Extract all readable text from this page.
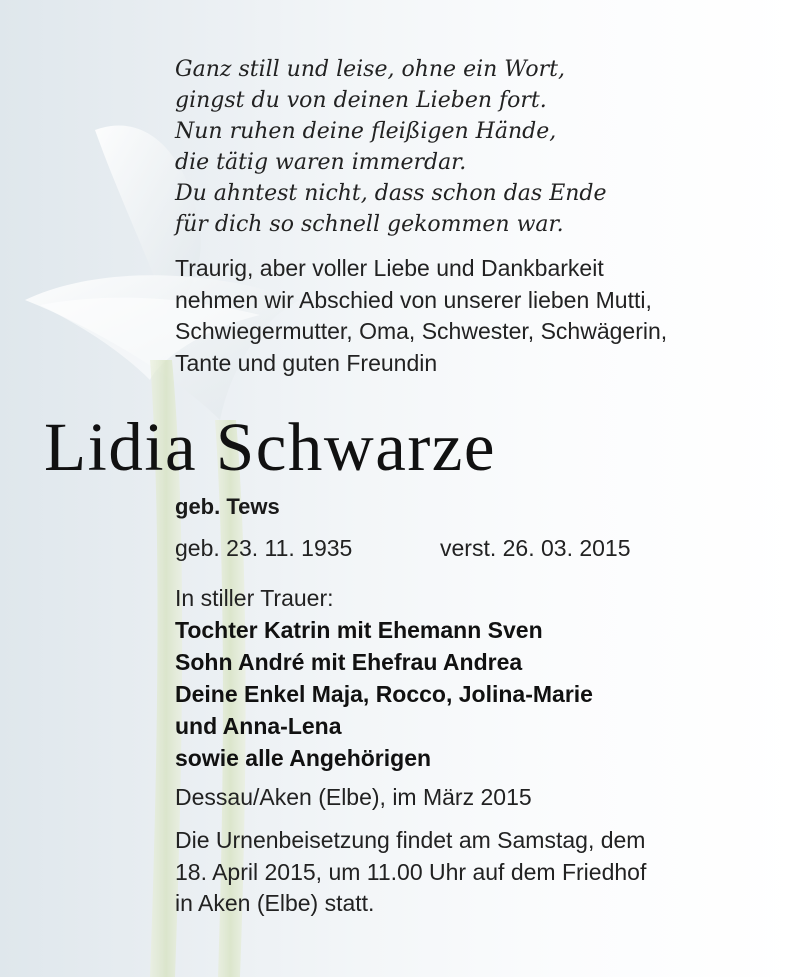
Ganz still und leise, ohne ein Wort,
gingst du von deinen Lieben fort.
Nun ruhen deine fleißigen Hände,
die tätig waren immerdar.
Du ahntest nicht, dass schon das Ende
für dich so schnell gekommen war.
Traurig, aber voller Liebe und Dankbarkeit
nehmen wir Abschied von unserer lieben Mutti,
Schwiegermutter, Oma, Schwester, Schwägerin,
Tante und guten Freundin
Lidia Schwarze
geb. Tews
geb. 23. 11. 1935	verst. 26. 03. 2015
In stiller Trauer:
Tochter Katrin mit Ehemann Sven
Sohn André mit Ehefrau Andrea
Deine Enkel Maja, Rocco, Jolina-Marie
und Anna-Lena
sowie alle Angehörigen
Dessau/Aken (Elbe), im März 2015
Die Urnenbeisetzung findet am Samstag, dem
18. April 2015, um 11.00 Uhr auf dem Friedhof
in Aken (Elbe) statt.
